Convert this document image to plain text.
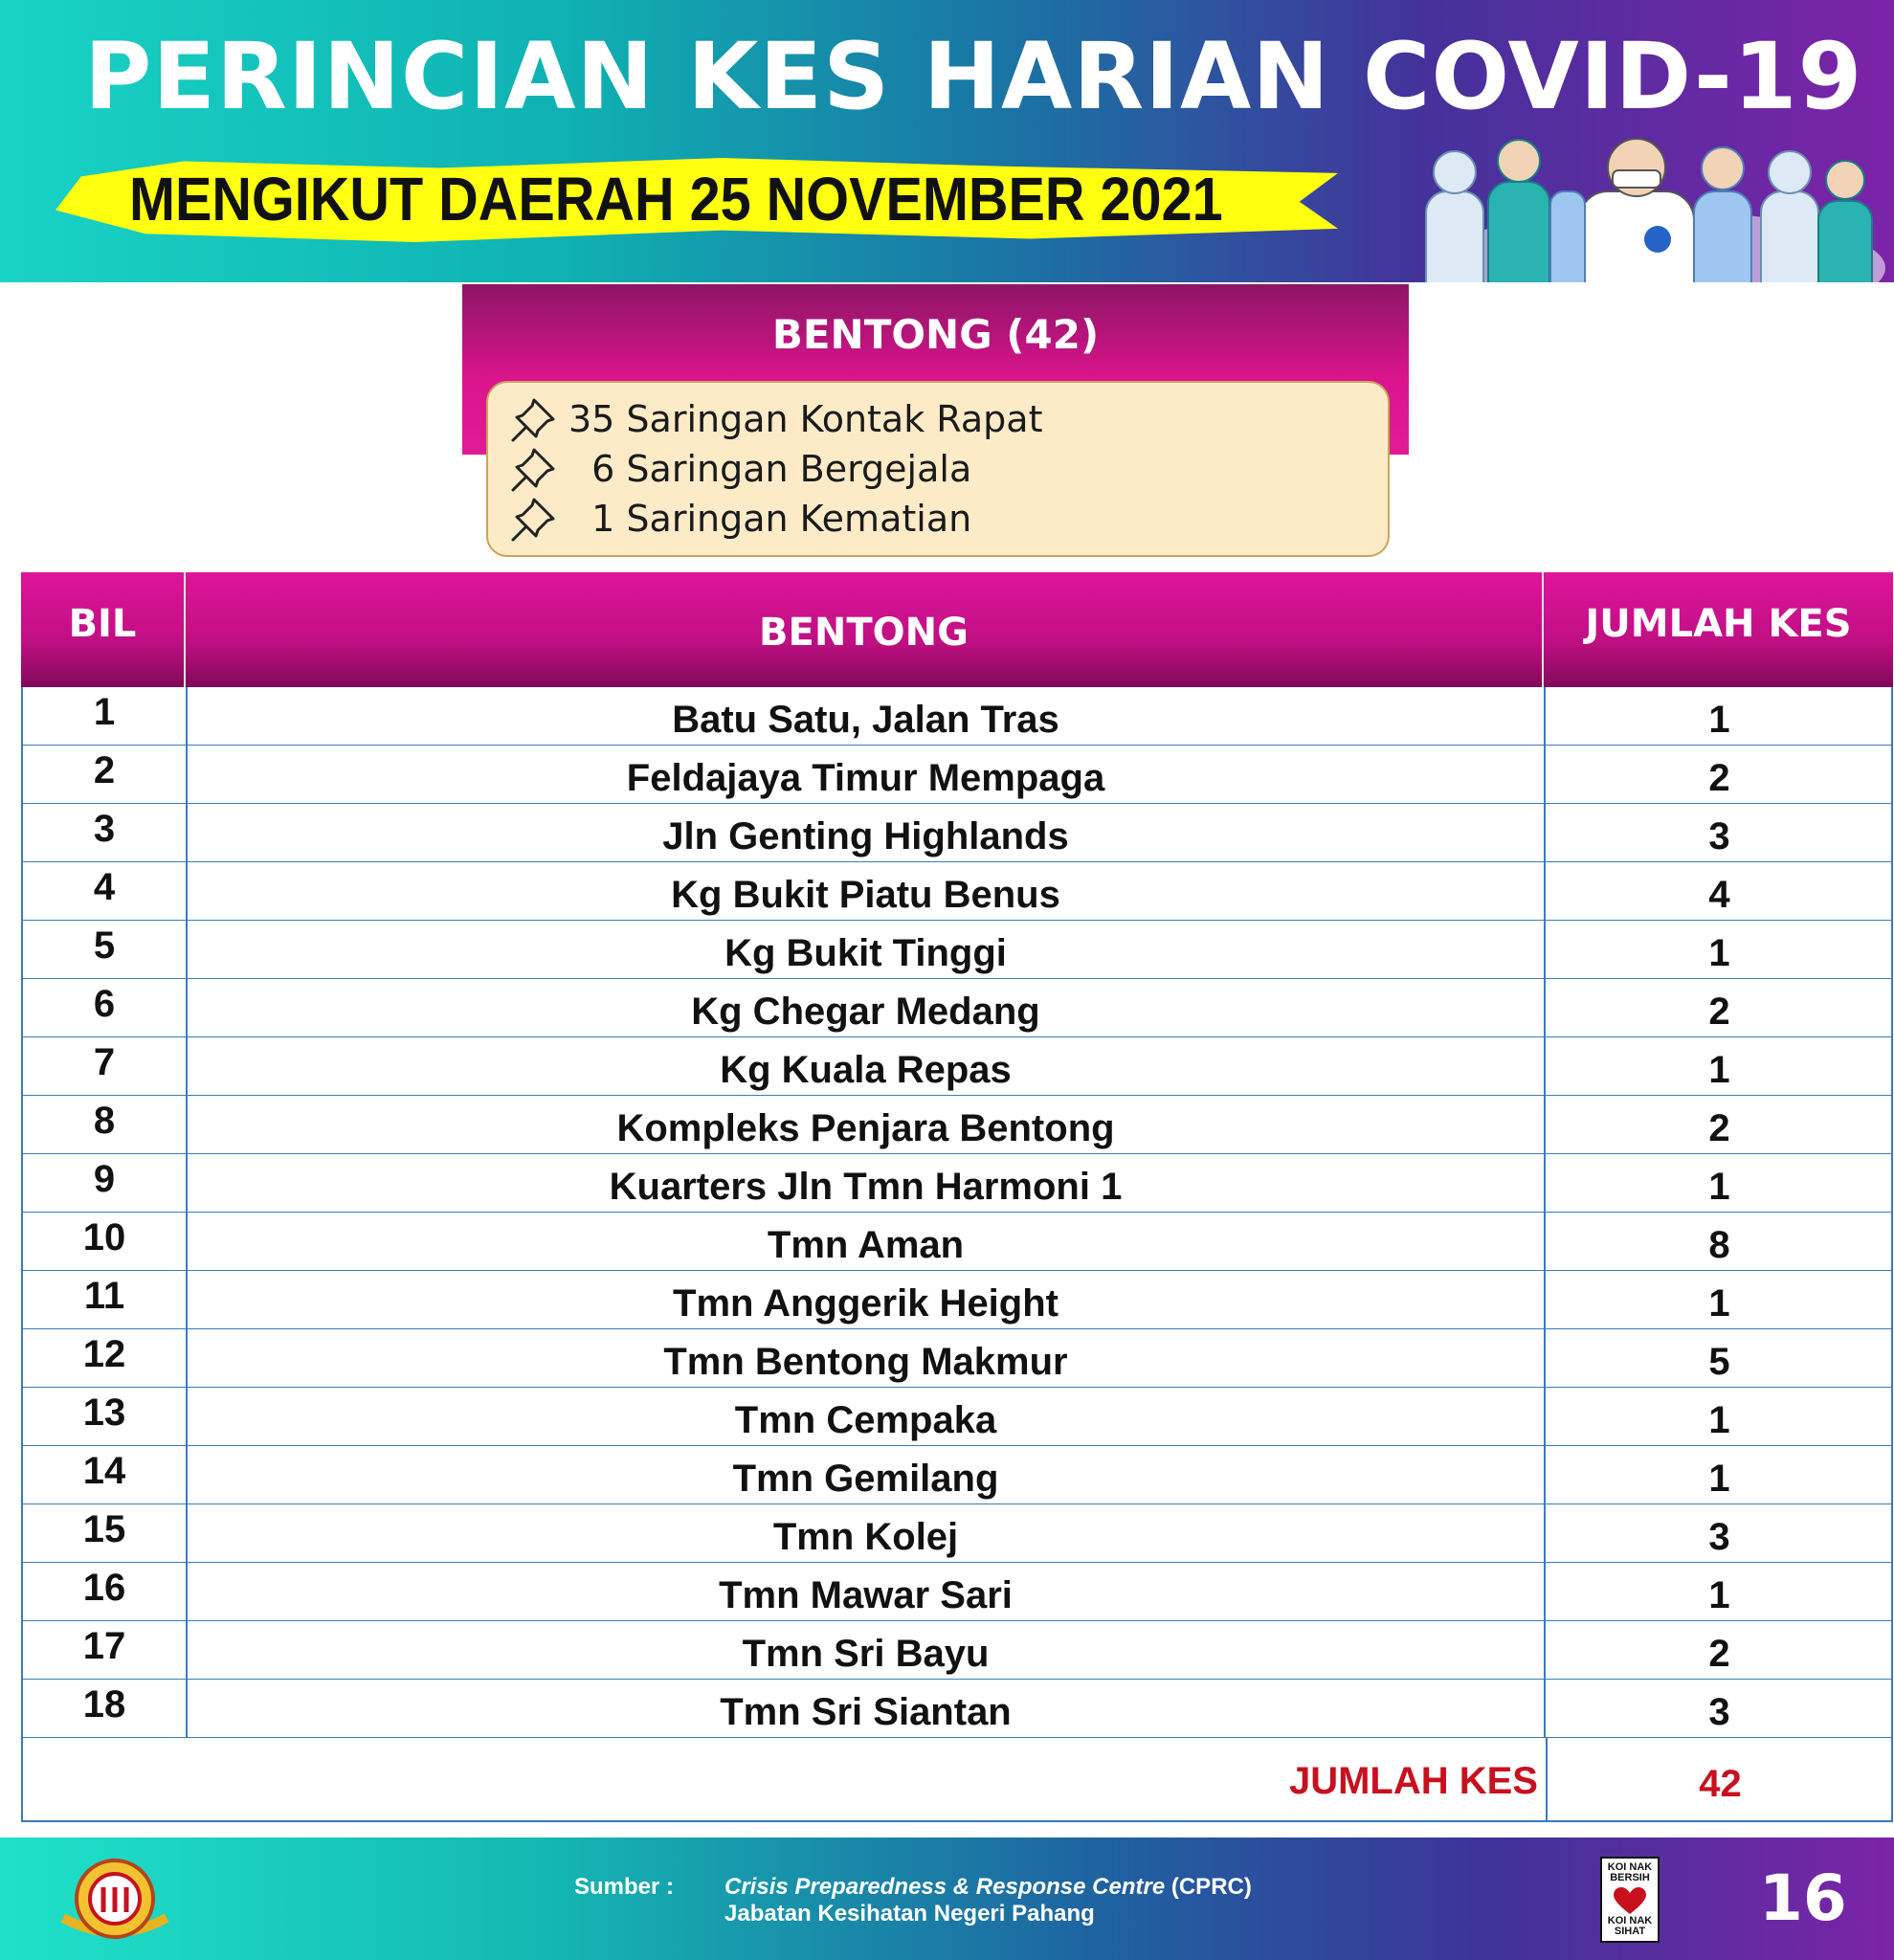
PERINCIAN KES HARIAN COVID-19
MENGIKUT DAERAH 25 NOVEMBER 2021
BENTONG (42)
35 Saringan Kontak Rapat
6 Saringan Bergejala
1 Saringan Kematian
BIL	BENTONG	JUMLAH KES
1	Batu Satu, Jalan Tras	1
2	Feldajaya Timur Mempaga	2
3	Jln Genting Highlands	3
4	Kg Bukit Piatu Benus	4
5	Kg Bukit Tinggi	1
6	Kg Chegar Medang	2
7	Kg Kuala Repas	1
8	Kompleks Penjara Bentong	2
9	Kuarters Jln Tmn Harmoni 1	1
10	Tmn Aman	8
11	Tmn Anggerik Height	1
12	Tmn Bentong Makmur	5
13	Tmn Cempaka	1
14	Tmn Gemilang	1
15	Tmn Kolej	3
16	Tmn Mawar Sari	1
17	Tmn Sri Bayu	2
18	Tmn Sri Siantan	3
JUMLAH KES	42
Sumber : Crisis Preparedness & Response Centre (CPRC)
Jabatan Kesihatan Negeri Pahang
KOI NAK BERSIH
KOI NAK SIHAT 16
